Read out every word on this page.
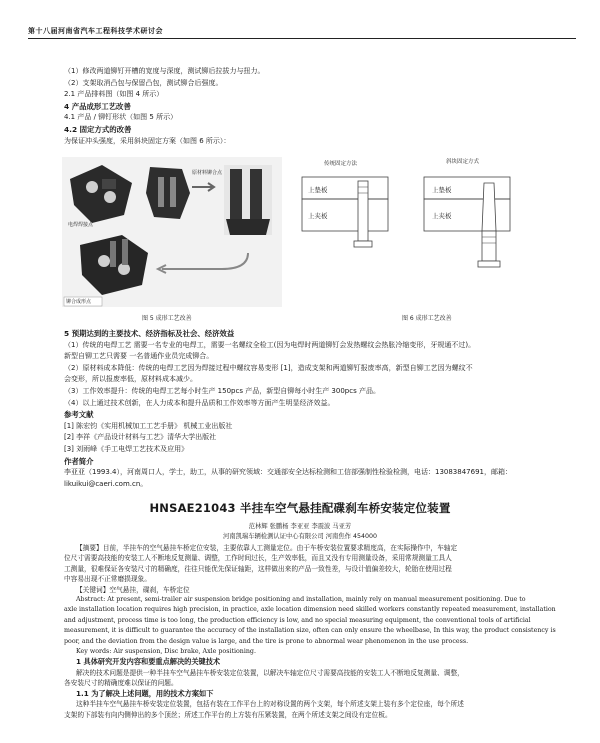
第十八届河南省汽车工程科技学术研讨会
（1）修改两道铆钉开槽的宽度与深度，测试铆后拉拔力与扭力。
（2）支架取消凸包与保留凸包，测试铆合后强度。
2.1 产品排料图（如图 4 所示）
4 产品成形工艺改善
4.1 产品 / 铆钉形状（如图 5 所示）
4.2 固定方式的改善
为保证冲头强度，采用斜块固定方案（如图 6 所示）：
铆合成形点
原材料铆合点
电焊焊接点
图 5 成形工艺改善
传统固定方法
上垫板
上夹板
斜块固定方式
上垫板
上夹板
图 6 成形工艺改善
5 预期达到的主要技术、经济指标及社会、经济效益
（1）传统的电焊工艺 需要一名专业的电焊工，需要一名螺纹全检工(因为电焊时两道铆钉会发热螺纹会热胀冷缩变形，牙规通不过)。
新型自铆工艺只需要 一名普通作业员完成铆合。
（2）原材料成本降低：传统的电焊工艺因为焊接过程中螺纹容易变形 [1]，造成支架和两道铆钉报废率高，新型自铆工艺因为螺纹不
会变形，所以报废率低，原材料成本减少。
（3）工作效率提升：传统的电焊工艺每小时生产 150pcs 产品，新型自铆每小时生产 300pcs 产品。
（4）以上通过技术创新，在人力成本和提升品质和工作效率等方面产生明显经济效益。
参考文献
[1] 陈宏钧《实用机械加工工艺手册》 机械工业出版社
[2] 李祥《产品设计材料与工艺》清华大学出版社
[3] 刘雨峰《手工电焊工艺技术及应用》
作者简介
李亚亚（1993.4），河南周口人，学士，助工，从事的研究领域：交通部安全达标检测和工信部强制性检验检测，电话：13083847691，邮箱：
likuikui@caeri.com.cn。
HNSAE21043 半挂车空气悬挂配碟刹车桥安装定位装置
范林辉 张鹏杨 李亚亚 李震波 马亚芳
河南凯瑞车辆检测认证中心有限公司 河南焦作 454000
【摘要】目前，半挂车的空气悬挂车桥定位安装，主要依靠人工测量定位。由于车桥安装位置要求精度高，在实际操作中，车轴定
位尺寸需要高技能的安装工人不断地反复测量、调整，工作时间过长，生产效率低，而且又没有专用测量设备，采用常规测量工具人
工测量，很难保证各安装尺寸的精确度，往往只能优先保证轴距，这样做出来的产品一致性差，与设计值偏差较大，轮胎在使用过程
中容易出现不正常磨损现象。
【关键词】空气悬挂，碟刹，车桥定位
Abstract: At present, semi-trailer air suspension bridge positioning and installation, mainly rely on manual measurement positioning. Due to
axle installation location requires high precision, in practice, axle location dimension need skilled workers constantly repeated measurement, installation
and adjustment, process time is too long, the production efficiency is low, and no special measuring equipment, the conventional tools of artificial
measurement, it is difficult to guarantee the accuracy of the installation size, often can only ensure the wheelbase, In this way, the product consistency is
poor, and the deviation from the design value is large, and the tire is prone to abnormal wear phenomenon in the use process.
Key words: Air suspension, Disc brake, Axle positioning.
1 具体研究开发内容和要重点解决的关键技术
解决的技术问题是提供一种半挂车空气悬挂车桥安装定位装置，以解决车轴定位尺寸需要高技能的安装工人不断地反复测量、调整，
各安装尺寸的精确度难以保证的问题。
1.1 为了解决上述问题，用的技术方案如下
这种半挂车空气悬挂车桥安装定位装置，包括有装在工作平台上的对称设置的两个支架，每个所述支架上装有多个定位座，每个所述
支架的下部装有向内侧伸出的多个顶丝；所述工作平台的上方装有压紧装置，在两个所述支架之间设有定位板。
